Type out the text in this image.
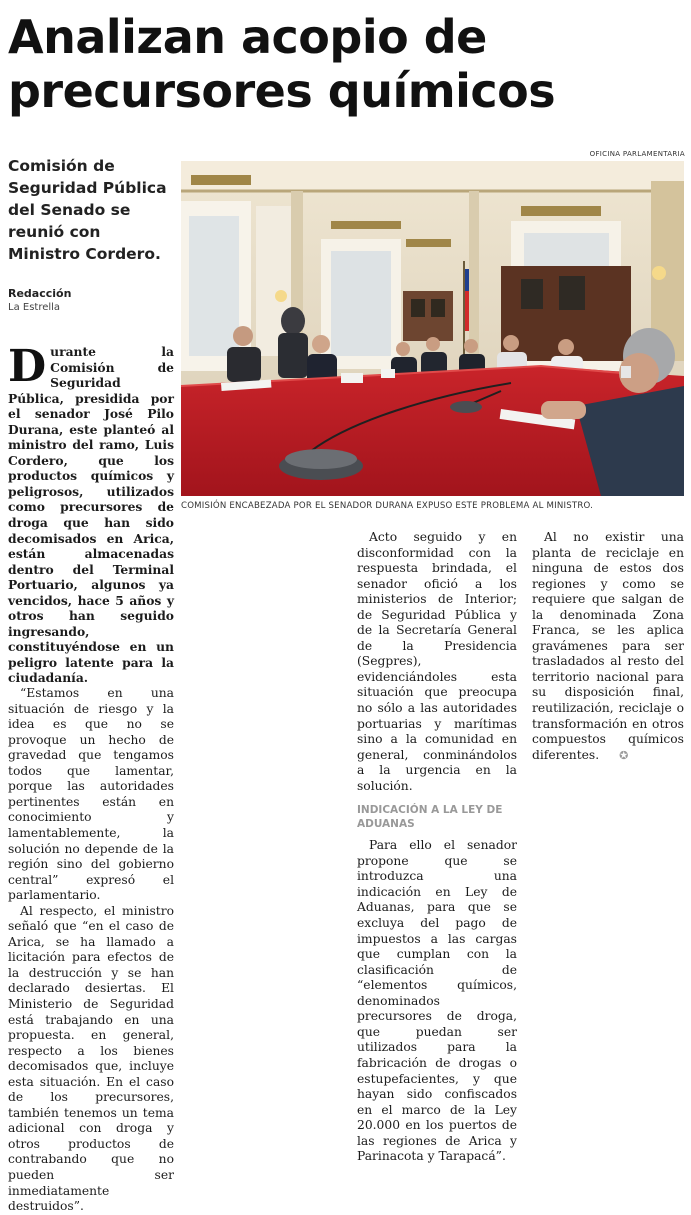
Analizan acopio de precursores químicos
Comisión de Seguridad Pública del Senado se reunió con Ministro Cordero.
Redacción
La Estrella
OFICINA PARLAMENTARIA
COMISIÓN ENCABEZADA POR EL SENADOR DURANA EXPUSO ESTE PROBLEMA AL MINISTRO.

Durante la Comisión de Seguridad Pública, presidida por el senador José Pilo Durana, este planteó al ministro del ramo, Luis Cordero, que los productos químicos y peligrosos, utilizados como precursores de droga que han sido decomisados en Arica, están almacenadas dentro del Terminal Portuario, algunos ya vencidos, hace 5 años y otros han seguido ingresando, constituyéndose en un peligro latente para la ciudadanía.

“Estamos en una situación de riesgo y la idea es que no se provoque un hecho de gravedad que tengamos todos que lamentar, porque las autoridades pertinentes están en conocimiento y lamentablemente, la solución no depende de la región sino del gobierno central” expresó el parlamentario.

Al respecto, el ministro señaló que “en el caso de Arica, se ha llamado a licitación para efectos de la destrucción y se han declarado desiertas. El Ministerio de Seguridad está trabajando en una propuesta. en general, respecto a los bienes decomisados que, incluye esta situación. En el caso de los precursores, también tenemos un tema adicional con droga y otros productos de contrabando que no pueden ser inmediatamente destruidos”.

Acto seguido y en disconformidad con la respuesta brindada, el senador ofició a los ministerios de Interior; de Seguridad Pública y de la Secretaría General de la Presidencia (Segpres), evidenciándoles esta situación que preocupa no sólo a las autoridades portuarias y marítimas sino a la comunidad en general, conminándolos a la urgencia en la solución.

INDICACIÓN A LA LEY DE ADUANAS

Para ello el senador propone que se introduzca una indicación en Ley de Aduanas, para que se excluya del pago de impuestos a las cargas que cumplan con la clasificación de “elementos químicos, denominados precursores de droga, que puedan ser utilizados para la fabricación de drogas o estupefacientes, y que hayan sido confiscados en el marco de la Ley 20.000 en los puertos de las regiones de Arica y Parinacota y Tarapacá”.

Al no existir una planta de reciclaje en ninguna de estos dos regiones y como se requiere que salgan de la denominada Zona Franca, se les aplica gravámenes para ser trasladados al resto del territorio nacional para su disposición final, reutilización, reciclaje o transformación en otros compuestos químicos diferentes. ✪
